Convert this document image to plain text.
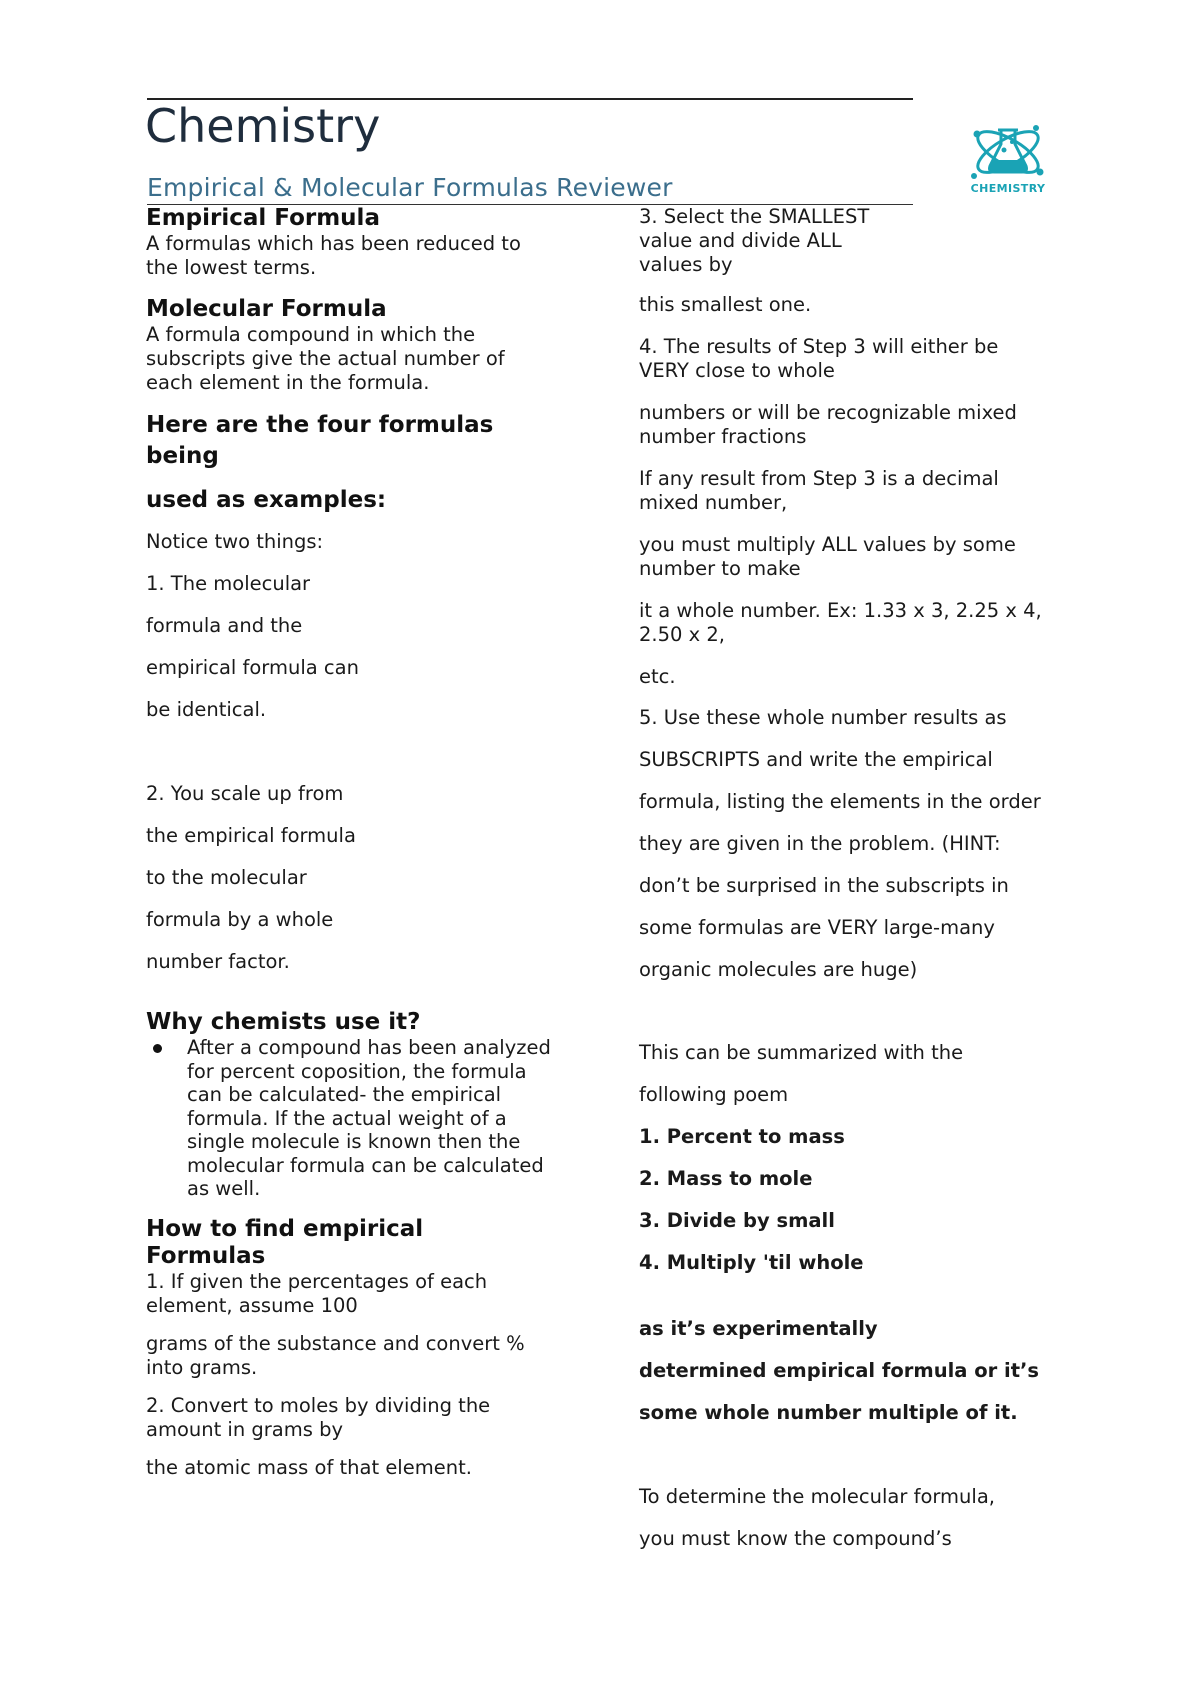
Chemistry
Empirical & Molecular Formulas Reviewer	CHEMISTRY

Empirical Formula

A formulas which has been reduced to

the lowest terms.

Molecular Formula

A formula compound in which the

subscripts give the actual number of

each element in the formula.

Here are the four formulas

being

used as examples:

Notice two things:

1. The molecular

formula and the

empirical formula can

be identical.

2. You scale up from

the empirical formula

to the molecular

formula by a whole

number factor.

Why chemists use it?

After a compound has been analyzed
for percent coposition, the formula
can be calculated- the empirical
formula. If the actual weight of a
single molecule is known then the
molecular formula can be calculated
as well.

How to find empirical

Formulas

1. If given the percentages of each

element, assume 100

grams of the substance and convert %

into grams.

2. Convert to moles by dividing the

amount in grams by

the atomic mass of that element.

3. Select the SMALLEST

value and divide ALL

values by

this smallest one.

4. The results of Step 3 will either be

VERY close to whole

numbers or will be recognizable mixed

number fractions

If any result from Step 3 is a decimal

mixed number,

you must multiply ALL values by some

number to make

it a whole number. Ex: 1.33 x 3, 2.25 x 4,

2.50 x 2,

etc.

5. Use these whole number results as

SUBSCRIPTS and write the empirical

formula, listing the elements in the order

they are given in the problem. (HINT:

don’t be surprised in the subscripts in

some formulas are VERY large-many

organic molecules are huge)

This can be summarized with the

following poem

1. Percent to mass

2. Mass to mole

3. Divide by small

4. Multiply 'til whole

as it’s experimentally

determined empirical formula or it’s

some whole number multiple of it.

To determine the molecular formula,

you must know the compound’s
